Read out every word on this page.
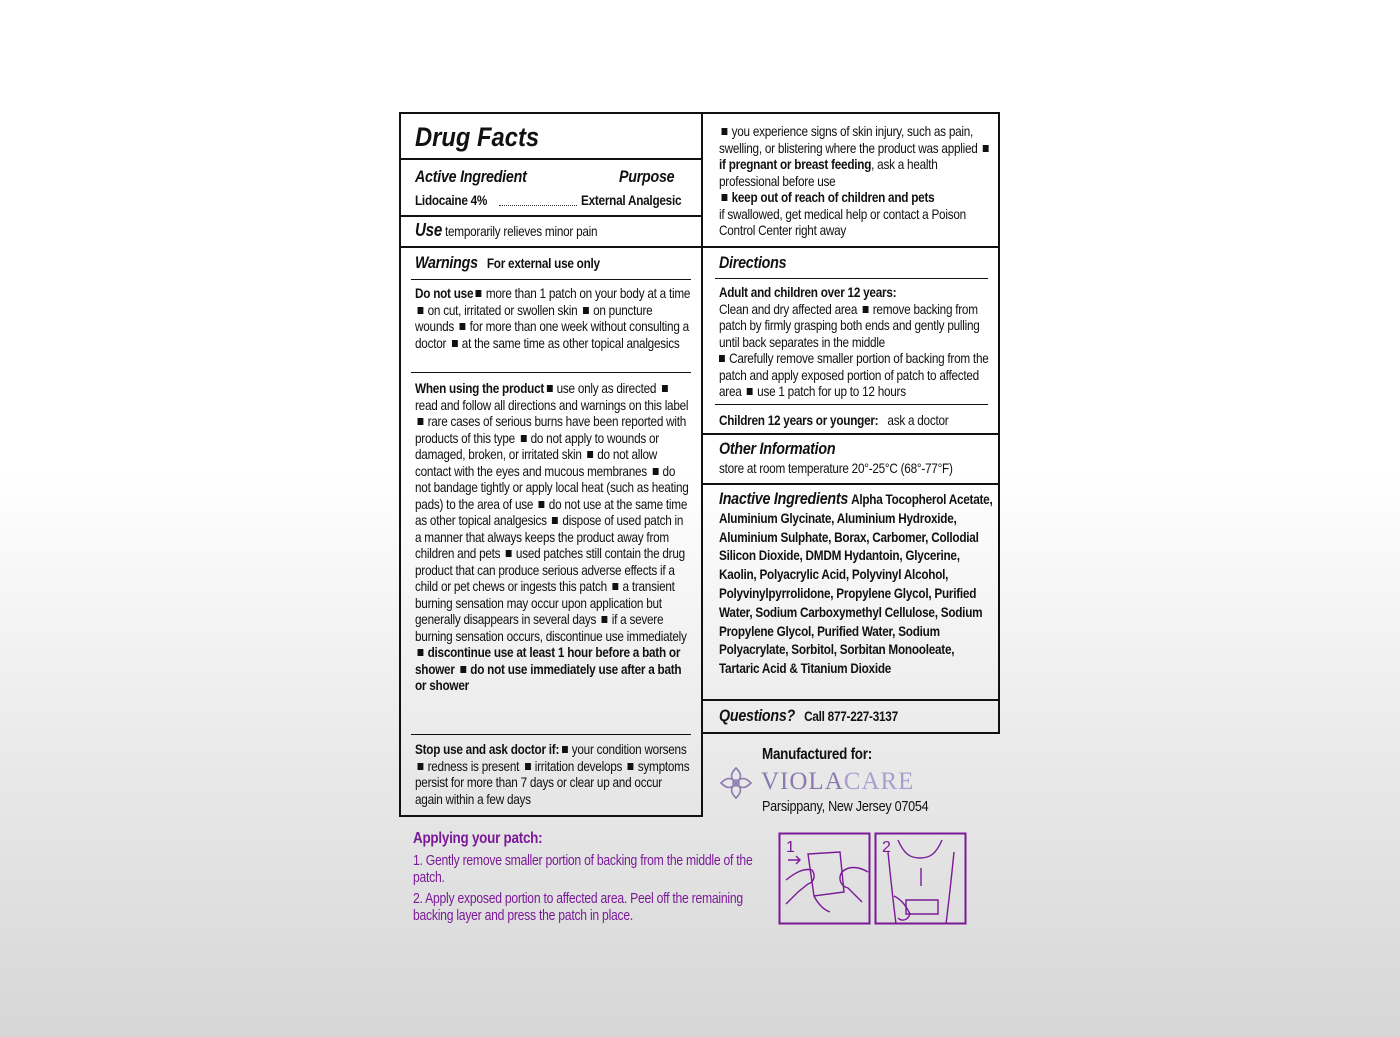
Drug Facts
Active Ingredient	Purpose
Lidocaine 4%	External Analgesic
Use temporarily relieves minor pain
Warnings For external use only
Do not use more than 1 patch on your body at a time on cut, irritated or swollen skin on puncture wounds for more than one week without consulting a doctor at the same time as other topical analgesics
When using the product use only as directed read and follow all directions and warnings on this label rare cases of serious burns have been reported with products of this type do not apply to wounds or damaged, broken, or irritated skin do not allow contact with the eyes and mucous membranes do not bandage tightly or apply local heat (such as heating pads) to the area of use do not use at the same time as other topical analgesics dispose of used patch in a manner that always keeps the product away from children and pets used patches still contain the drug product that can produce serious adverse effects if a child or pet chews or ingests this patch a transient burning sensation may occur upon application but generally disappears in several days if a severe burning sensation occurs, discontinue use immediately discontinue use at least 1 hour before a bath or shower do not use immediately use after a bath or shower
Stop use and ask doctor if: your condition worsens redness is present irritation develops symptoms persist for more than 7 days or clear up and occur again within a few days
you experience signs of skin injury, such as pain, swelling, or blistering where the product was applied if pregnant or breast feeding, ask a health professional before use
keep out of reach of children and pets
if swallowed, get medical help or contact a Poison Control Center right away
Directions
Adult and children over 12 years:
Clean and dry affected area remove backing from patch by firmly grasping both ends and gently pulling until back separates in the middle
Carefully remove smaller portion of backing from the patch and apply exposed portion of patch to affected area use 1 patch for up to 12 hours
Children 12 years or younger: ask a doctor
Other Information
store at room temperature 20°-25°C (68°-77°F)
Inactive Ingredients Alpha Tocopherol Acetate, Aluminium Glycinate, Aluminium Hydroxide, Aluminium Sulphate, Borax, Carbomer, Collodial Silicon Dioxide, DMDM Hydantoin, Glycerine, Kaolin, Polyacrylic Acid, Polyvinyl Alcohol, Polyvinylpyrrolidone, Propylene Glycol, Purified Water, Sodium Carboxymethyl Cellulose, Sodium Propylene Glycol, Purified Water, Sodium Polyacrylate, Sorbitol, Sorbitan Monooleate, Tartaric Acid & Titanium Dioxide
Questions? Call 877-227-3137
Manufactured for:
VIOLACARE
Parsippany, New Jersey 07054
Applying your patch:
1. Gently remove smaller portion of backing from the middle of the patch.
2. Apply exposed portion to affected area. Peel off the remaining backing layer and press the patch in place.
1	2
